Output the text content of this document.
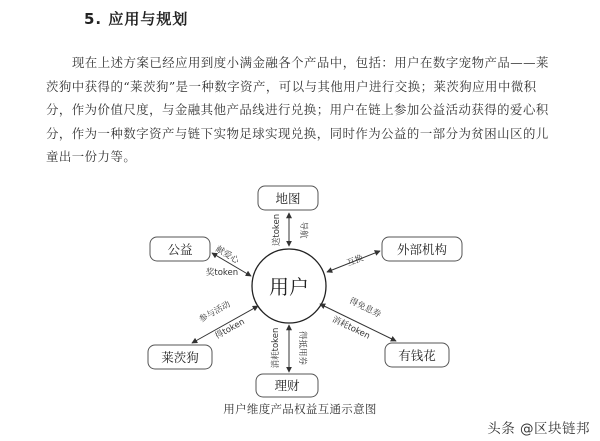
5. 应用与规划

现在上述方案已经应用到度小满金融各个产品中，包括：用户在数字宠物产品——莱茨狗中获得的“莱茨狗”是一种数字资产，可以与其他用户进行交换；莱茨狗应用中微积分，作为价值尺度，与金融其他产品线进行兑换；用户在链上参加公益活动获得的爱心积分，作为一种数字资产与链下实物足球实现兑换，同时作为公益的一部分为贫困山区的儿童出一份力等。

地图
外部机构
有钱花
理财
莱茨狗
公益
用户
送token 导航
互换
得免息券
消耗token
消耗token 得抵用券
参与活动
得token
献爱心
奖token
用户维度产品权益互通示意图
头条 @区块链邦
